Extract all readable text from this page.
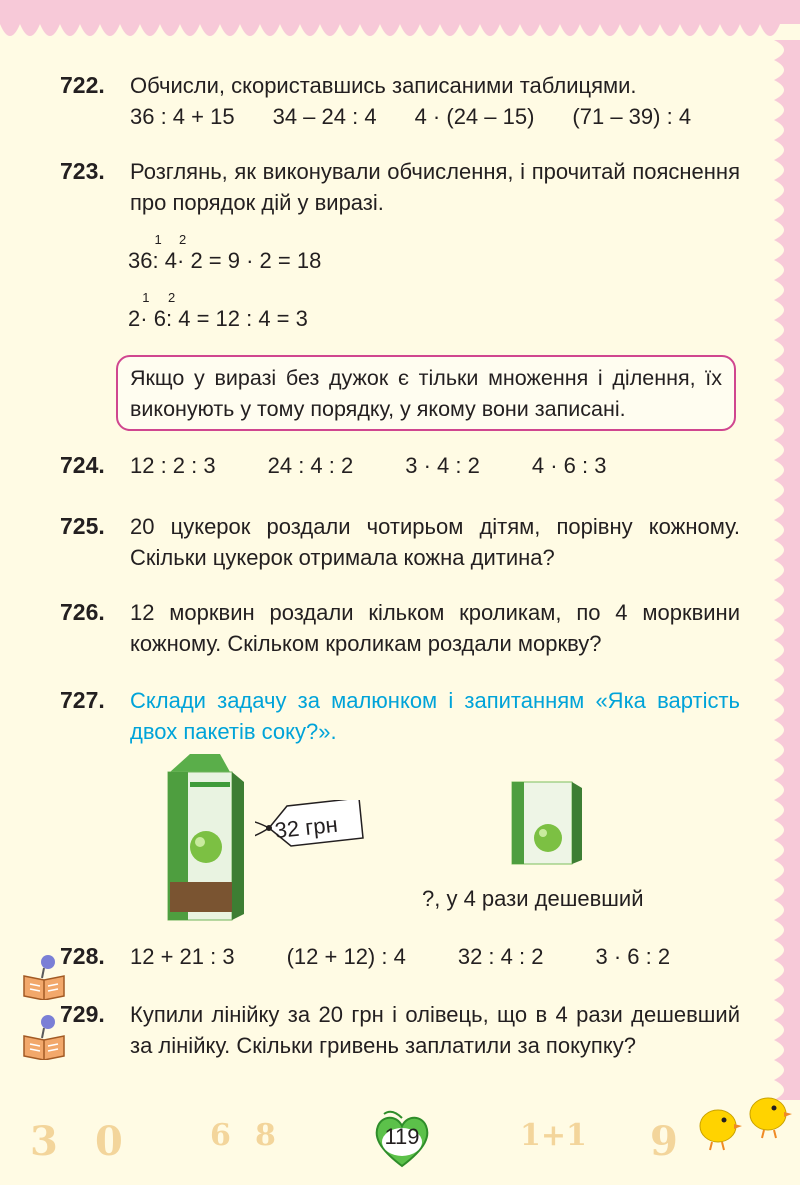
722. Обчисли, скориставшись записаними таблицями.
36 : 4 + 15 34 – 24 : 4 4 · (24 – 15) (71 – 39) : 4
723. Розглянь, як виконували обчислення, і прочитай пояснення про порядок дій у виразі.
36
1
: 4
2
· 2 = 9 · 2 = 18
2
1
· 6
2
: 4 = 12 : 4 = 3
Якщо у виразі без дужок є тільки множення і ділення, їх виконують у тому порядку, у якому вони записані.
724. 12 : 2 : 3 24 : 4 : 2 3 · 4 : 2 4 · 6 : 3
725. 20 цукерок роздали чотирьом дітям, порівну кожному. Скільки цукерок отримала кожна дитина?
726. 12 морквин роздали кільком кроликам, по 4 морквини кожному. Скільком кроликам роздали моркву?
727. Склади задачу за малюнком і запитанням «Яка вартість двох пакетів соку?».
32 грн
?, у 4 рази дешевший
728. 12 + 21 : 3 (12 + 12) : 4 32 : 4 : 2 3 · 6 : 2
729. Купили лінійку за 20 грн і олівець, що в 4 рази дешевший за лінійку. Скільки гривень заплатили за покупку?
3 0	6 8	1+1 9
119
